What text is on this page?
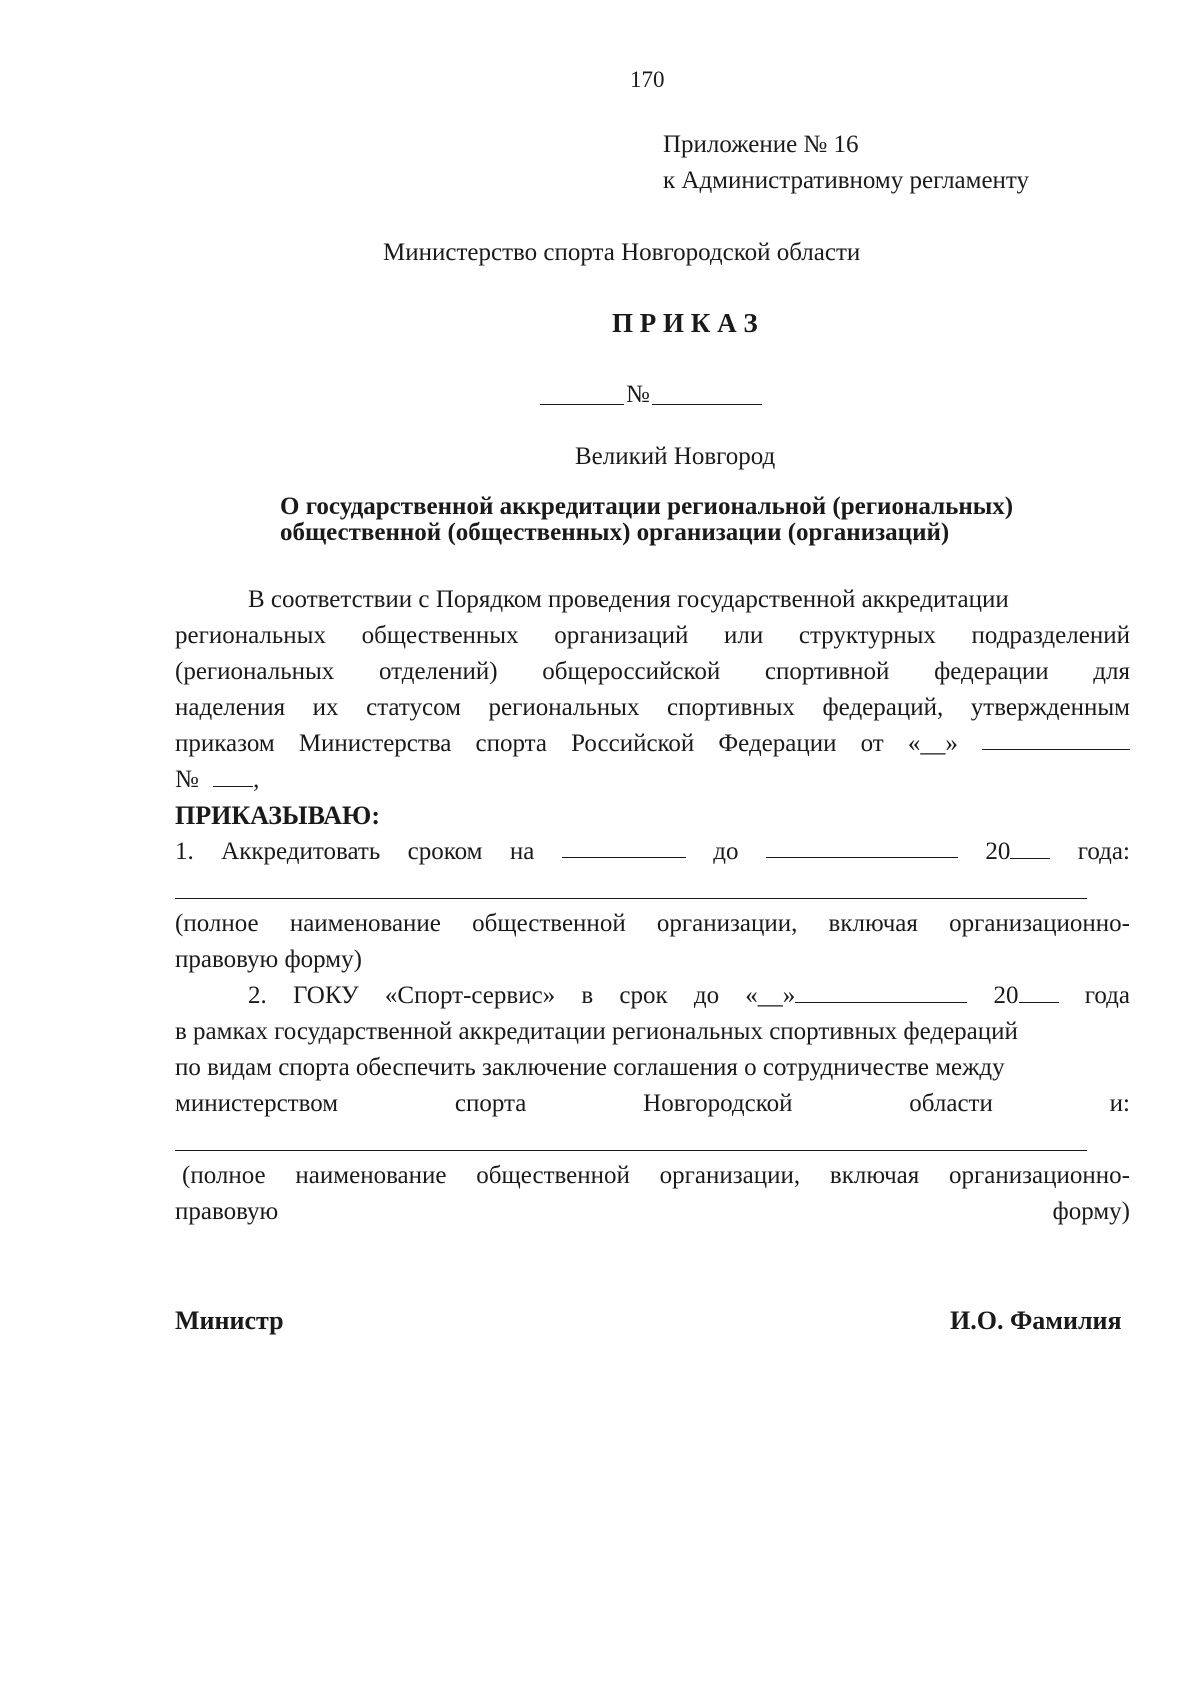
170
Приложение № 16
к Административному регламенту
Министерство спорта Новгородской области
П Р И К А З
№
Великий Новгород
О государственной аккредитации региональной (региональных)
общественной (общественных) организации (организаций)
В соответствии с Порядком проведения государственной аккредитации
региональных общественных организаций или структурных подразделений
(региональных отделений) общероссийской спортивной федерации для
наделения их статусом региональных спортивных федераций, утвержденным
приказом Министерства спорта Российской Федерации от «__»
№ ,
ПРИКАЗЫВАЮ:
1. Аккредитовать сроком на	до	20	года:
(полное наименование общественной организации, включая организационно-
правовую форму)
2. ГОКУ «Спорт-сервис» в срок до «__»	20	года
в рамках государственной аккредитации региональных спортивных федераций
по видам спорта обеспечить заключение соглашения о сотрудничестве между
министерством	спорта	Новгородской	области	и:
(полное наименование общественной организации, включая организационно-
правовую	форму)
Министр	И.О. Фамилия
